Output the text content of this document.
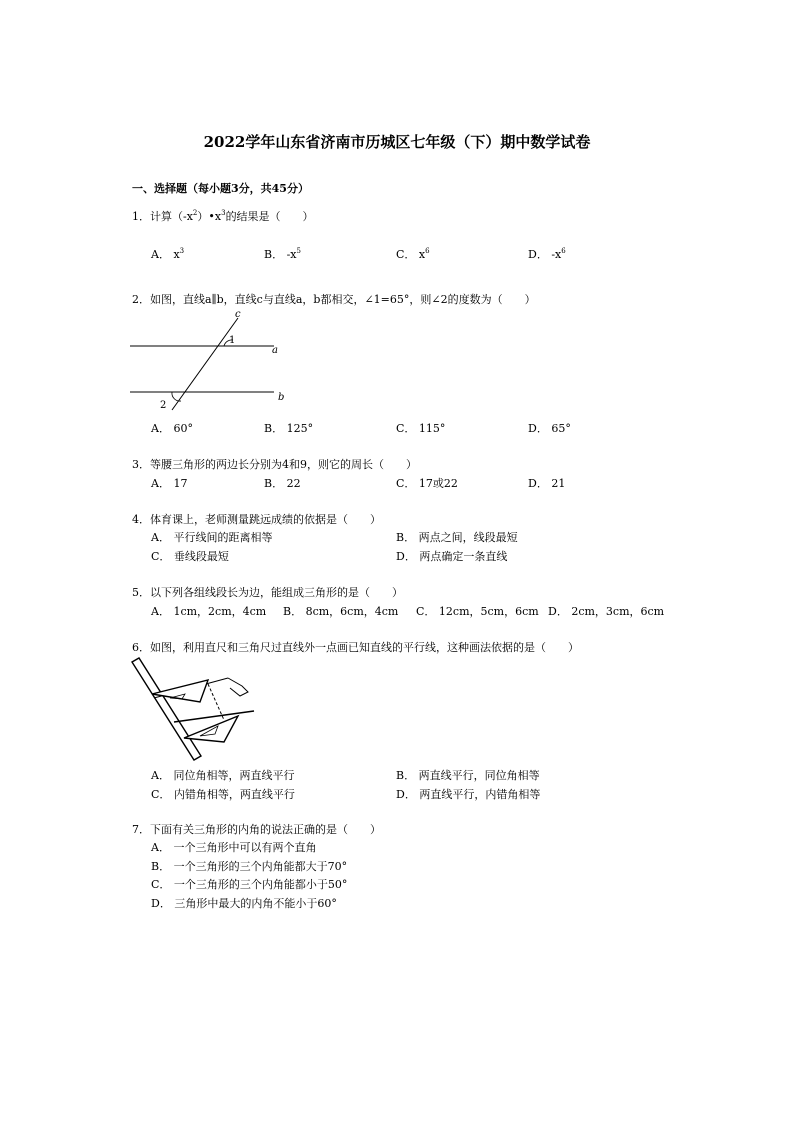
2022学年山东省济南市历城区七年级（下）期中数学试卷
一、选择题（每小题3分，共45分）
1．计算$(-x^2)•x^3$的结果是（　　）
A． $x^3$	B． $-x^5$	C． $x^6$	D． $-x^6$
2．如图，直线a∥b，直线c与直线a，b都相交，∠1=65°，则∠2的度数为（　　）
c
1
a
b
2
A． 60°	B． 125°	C． 115°	D． 65°
3．等腰三角形的两边长分别为4和9，则它的周长（　　）
A． 17	B． 22	C． 17或22	D． 21
4．体育课上，老师测量跳远成绩的依据是（　　）
A． 平行线间的距离相等	B． 两点之间，线段最短
C． 垂线段最短	D． 两点确定一条直线
5．以下列各组线段长为边，能组成三角形的是（　　）
A． 1cm，2cm，4cm B． 8cm，6cm，4cm C． 12cm，5cm，6cm D． 2cm，3cm，6cm
6．如图，利用直尺和三角尺过直线外一点画已知直线的平行线，这种画法依据的是（　　）
A． 同位角相等，两直线平行	B． 两直线平行，同位角相等
C． 内错角相等，两直线平行	D． 两直线平行，内错角相等
7．下面有关三角形的内角的说法正确的是（　　）
A． 一个三角形中可以有两个直角
B． 一个三角形的三个内角能都大于70°
C． 一个三角形的三个内角能都小于50°
D． 三角形中最大的内角不能小于60°
